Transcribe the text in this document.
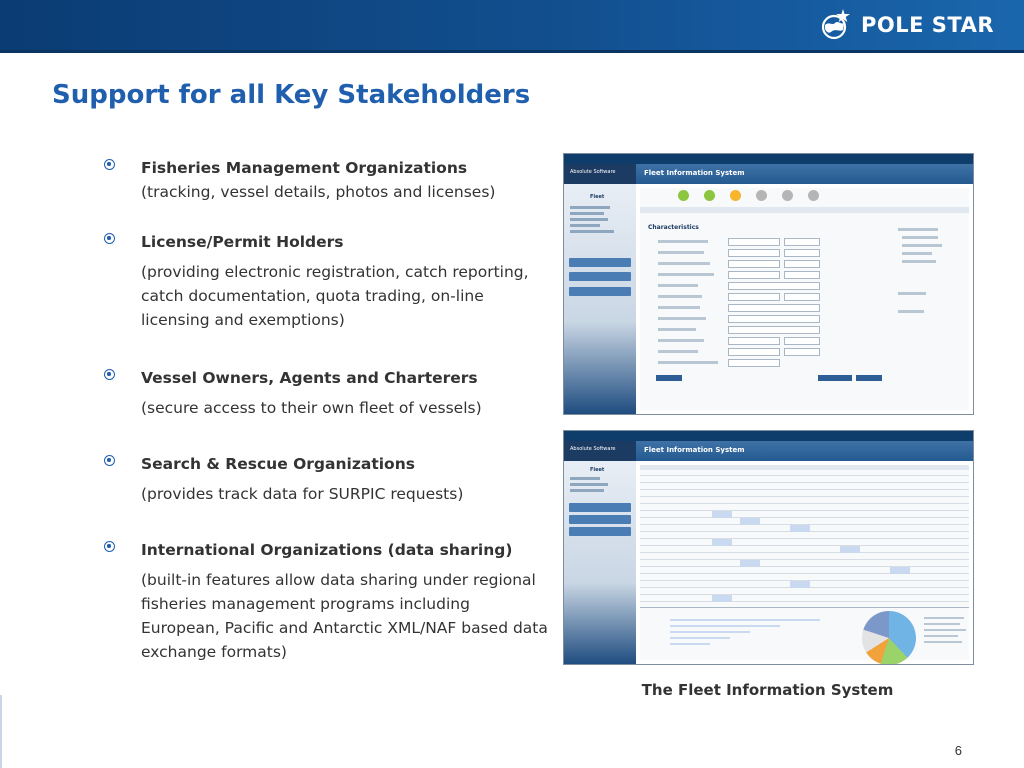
POLE STAR
Support for all Key Stakeholders
Fisheries Management Organizations
(tracking, vessel details, photos and licenses)
License/Permit Holders
(providing electronic registration, catch reporting, catch documentation, quota trading, on-line licensing and exemptions)
Vessel Owners, Agents and Charterers
(secure access to their own fleet of vessels)
Search & Rescue Organizations
(provides track data for SURPIC requests)
International Organizations (data sharing)
(built-in features allow data sharing under regional fisheries management programs including European, Pacific and Antarctic XML/NAF based data exchange formats)
Absolute Software	Fleet Information System
Fleet
Characteristics
Absolute Software	Fleet Information System
Fleet

The Fleet Information System

6
